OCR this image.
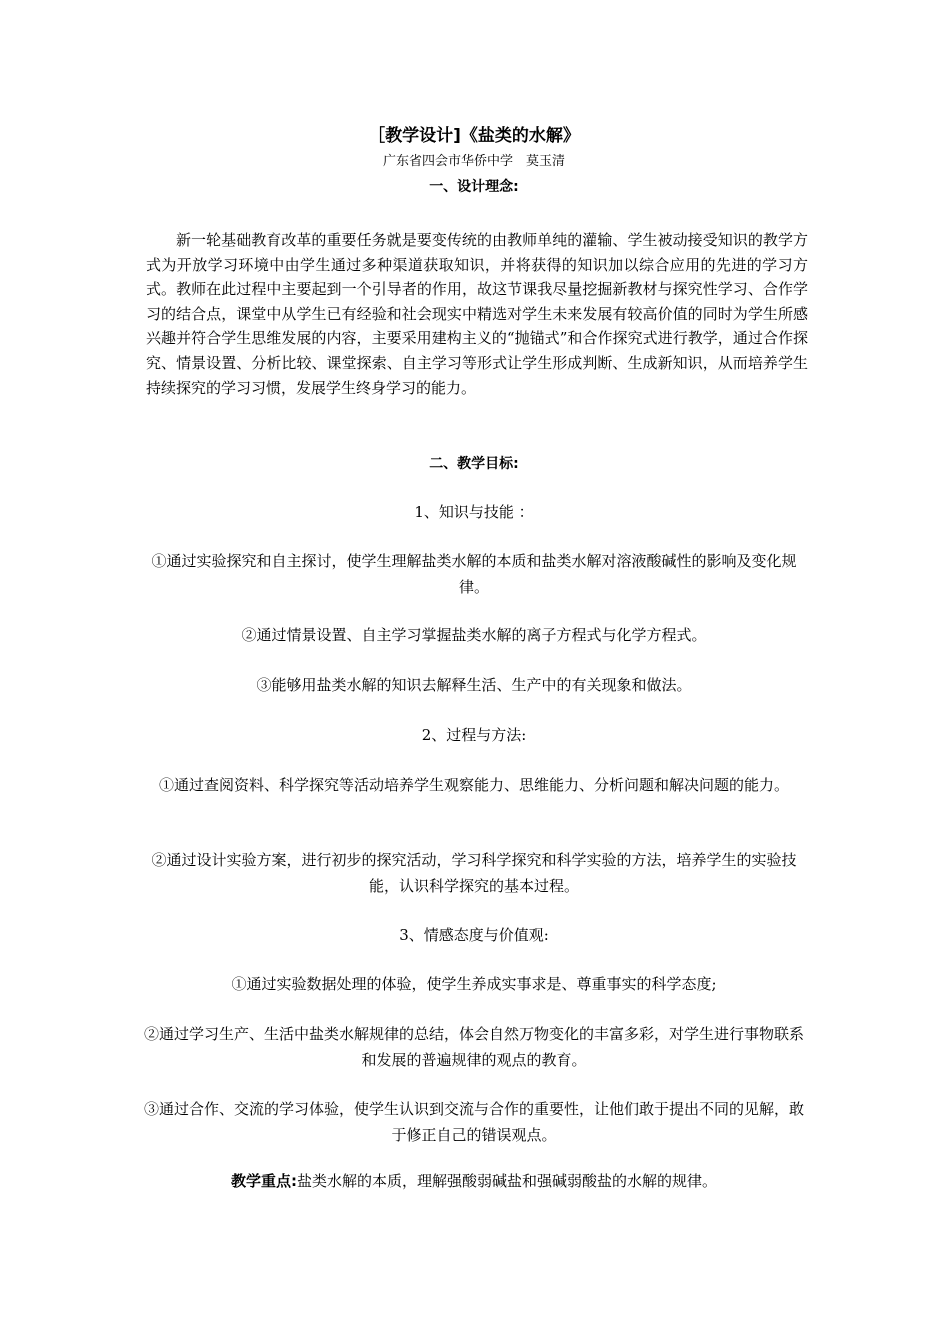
［教学设计]《盐类的水解》
广东省四会市华侨中学　莫玉清
一、设计理念:
新一轮基础教育改革的重要任务就是要变传统的由教师单纯的灌输、学生被动接受知识的教学方式为开放学习环境中由学生通过多种渠道获取知识，并将获得的知识加以综合应用的先进的学习方式。教师在此过程中主要起到一个引导者的作用，故这节课我尽量挖掘新教材与探究性学习、合作学习的结合点，课堂中从学生已有经验和社会现实中精选对学生未来发展有较高价值的同时为学生所感兴趣并符合学生思维发展的内容，主要采用建构主义的“抛锚式”和合作探究式进行教学，通过合作探究、情景设置、分析比较、课堂探索、自主学习等形式让学生形成判断、生成新知识，从而培养学生持续探究的学习习惯，发展学生终身学习的能力。
二、教学目标:
1、知识与技能 ：
①通过实验探究和自主探讨，使学生理解盐类水解的本质和盐类水解对溶液酸碱性的影响及变化规律。
②通过情景设置、自主学习掌握盐类水解的离子方程式与化学方程式。
③能够用盐类水解的知识去解释生活、生产中的有关现象和做法。
2、过程与方法:
①通过查阅资料、科学探究等活动培养学生观察能力、思维能力、分析问题和解决问题的能力。
②通过设计实验方案，进行初步的探究活动，学习科学探究和科学实验的方法，培养学生的实验技能，认识科学探究的基本过程。
3、情感态度与价值观:
①通过实验数据处理的体验，使学生养成实事求是、尊重事实的科学态度;
②通过学习生产、生活中盐类水解规律的总结，体会自然万物变化的丰富多彩，对学生进行事物联系和发展的普遍规律的观点的教育。
③通过合作、交流的学习体验，使学生认识到交流与合作的重要性，让他们敢于提出不同的见解，敢于修正自己的错误观点。
教学重点:盐类水解的本质，理解强酸弱碱盐和强碱弱酸盐的水解的规律。
